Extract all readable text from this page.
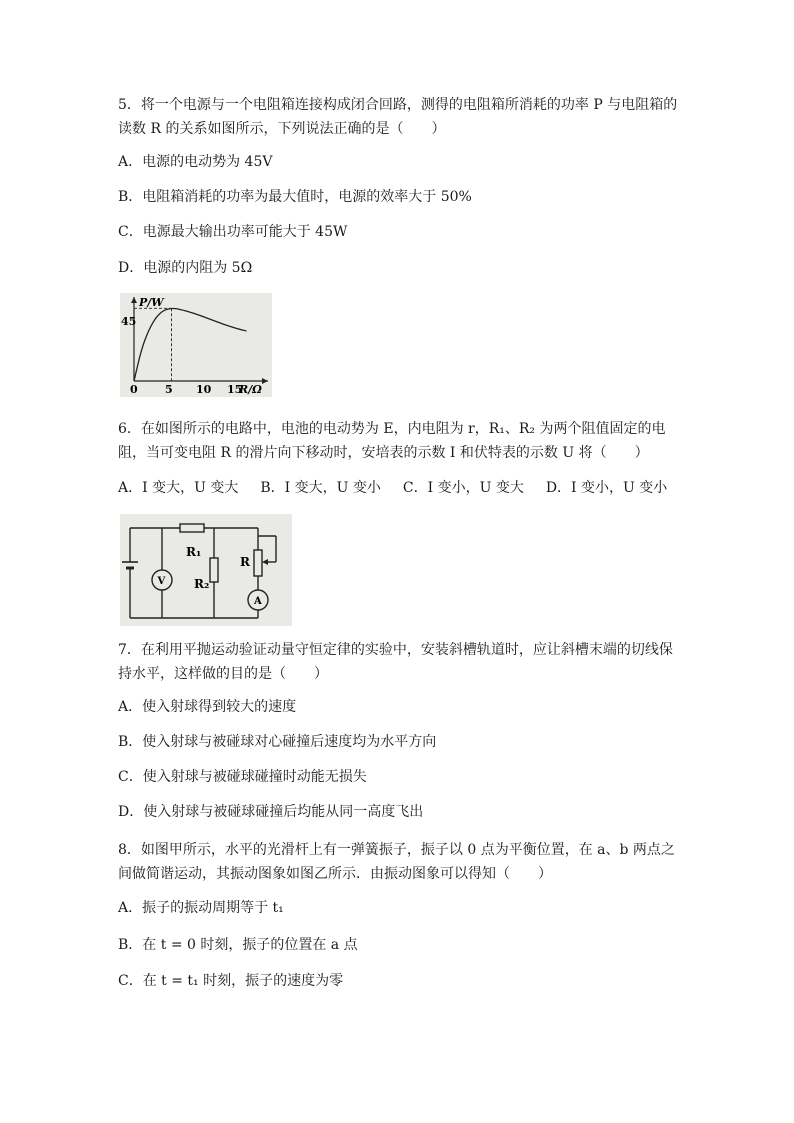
5．将一个电源与一个电阻箱连接构成闭合回路，测得的电阻箱所消耗的功率 P 与电阻箱的读数 R 的关系如图所示，下列说法正确的是（　　）
A．电源的电动势为 45V
B．电阻箱消耗的功率为最大值时，电源的效率大于 50%
C．电源最大输出功率可能大于 45W
D．电源的内阻为 5Ω
P/W
45
0 5 10 15
R/Ω
6．在如图所示的电路中，电池的电动势为 E，内电阻为 r，R₁、R₂ 为两个阻值固定的电阻，当可变电阻 R 的滑片向下移动时，安培表的示数 I 和伏特表的示数 U 将（　　）
A．I 变大，U 变大 B．I 变大，U 变小 C．I 变小，U 变大 D．I 变小，U 变小
R₁
R₂
R
V
A
7．在利用平抛运动验证动量守恒定律的实验中，安装斜槽轨道时，应让斜槽末端的切线保持水平，这样做的目的是（　　）
A．使入射球得到较大的速度
B．使入射球与被碰球对心碰撞后速度均为水平方向
C．使入射球与被碰球碰撞时动能无损失
D．使入射球与被碰球碰撞后均能从同一高度飞出
8．如图甲所示，水平的光滑杆上有一弹簧振子，振子以 0 点为平衡位置，在 a、b 两点之间做简谐运动，其振动图象如图乙所示．由振动图象可以得知（　　）
A．振子的振动周期等于 t₁
B．在 t = 0 时刻，振子的位置在 a 点
C．在 t = t₁ 时刻，振子的速度为零
